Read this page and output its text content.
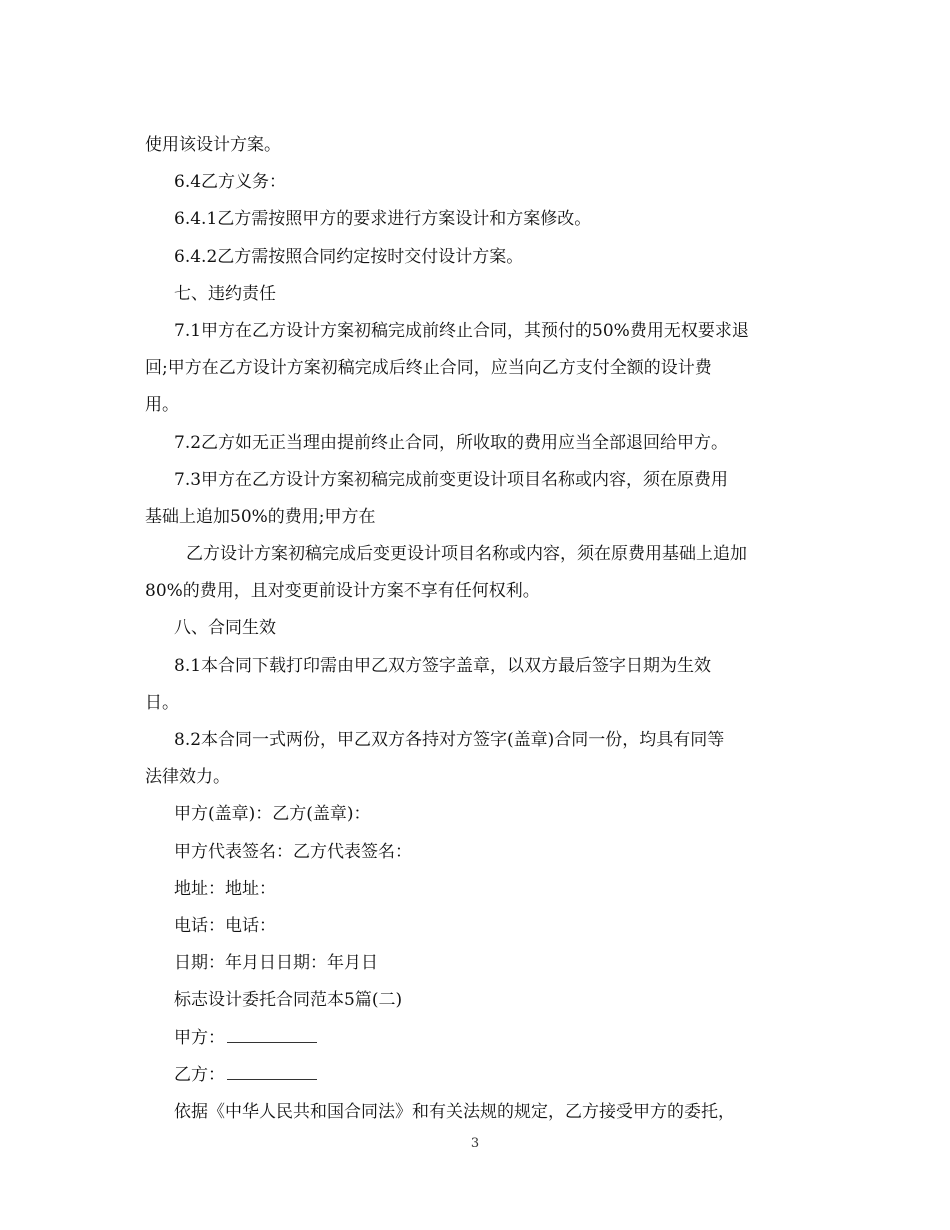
使用该设计方案。
6.4乙方义务：
6.4.1乙方需按照甲方的要求进行方案设计和方案修改。
6.4.2乙方需按照合同约定按时交付设计方案。
七、违约责任
7.1甲方在乙方设计方案初稿完成前终止合同，其预付的50%费用无权要求退
回;甲方在乙方设计方案初稿完成后终止合同，应当向乙方支付全额的设计费
用。
7.2乙方如无正当理由提前终止合同，所收取的费用应当全部退回给甲方。
7.3甲方在乙方设计方案初稿完成前变更设计项目名称或内容，须在原费用
基础上追加50%的费用;甲方在
乙方设计方案初稿完成后变更设计项目名称或内容，须在原费用基础上追加
80%的费用，且对变更前设计方案不享有任何权利。
八、合同生效
8.1本合同下载打印需由甲乙双方签字盖章，以双方最后签字日期为生效
日。
8.2本合同一式两份，甲乙双方各持对方签字(盖章)合同一份，均具有同等
法律效力。
甲方(盖章)：乙方(盖章)：
甲方代表签名：乙方代表签名：
地址：地址：
电话：电话：
日期：年月日日期：年月日
标志设计委托合同范本5篇(二)
甲方：
乙方：
依据《中华人民共和国合同法》和有关法规的规定，乙方接受甲方的委托，
3
